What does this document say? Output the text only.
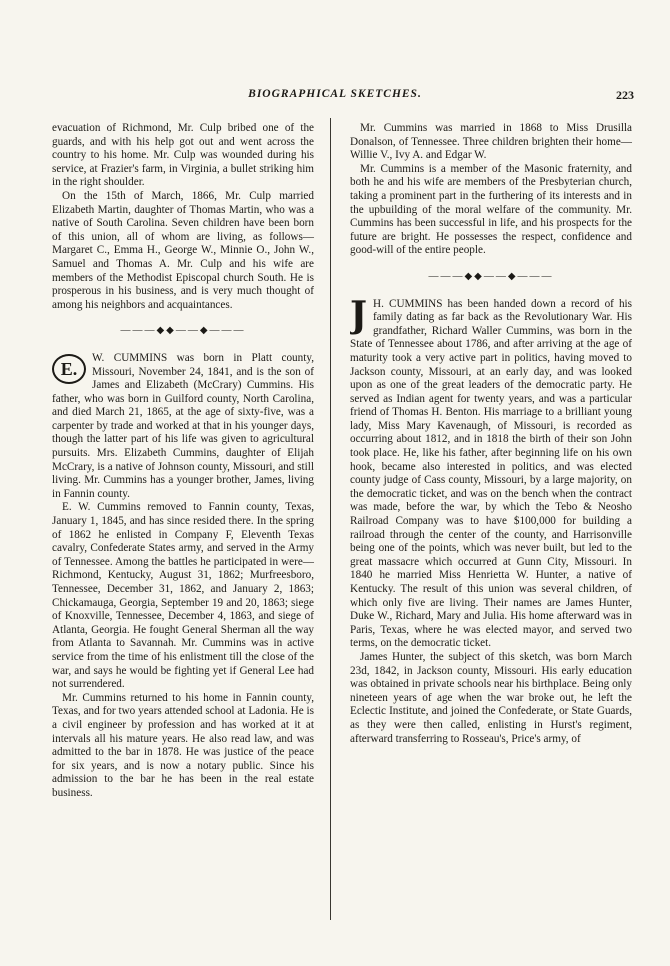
BIOGRAPHICAL SKETCHES.	223

evacuation of Richmond, Mr. Culp bribed one of the guards, and with his help got out and went across the country to his home. Mr. Culp was wounded during his service, at Frazier's farm, in Virginia, a bullet striking him in the right shoulder.

On the 15th of March, 1866, Mr. Culp married Elizabeth Martin, daughter of Thomas Martin, who was a native of South Carolina. Seven children have been born of this union, all of whom are living, as follows—Margaret C., Emma H., George W., Minnie O., John W., Samuel and Thomas A. Mr. Culp and his wife are members of the Methodist Episcopal church South. He is prosperous in his business, and is very much thought of among his neighbors and acquaintances.

———◆◆——◆———
E.

W. CUMMINS was born in Platt county, Missouri, November 24, 1841, and is the son of James and Elizabeth (McCrary) Cummins. His father, who was born in Guilford county, North Carolina, and died March 21, 1865, at the age of sixty-five, was a carpenter by trade and worked at that in his younger days, though the latter part of his life was given to agricultural pursuits. Mrs. Elizabeth Cummins, daughter of Elijah McCrary, is a native of Johnson county, Missouri, and still living. Mr. Cummins has a younger brother, James, living in Fannin county.

E. W. Cummins removed to Fannin county, Texas, January 1, 1845, and has since resided there. In the spring of 1862 he enlisted in Company F, Eleventh Texas cavalry, Confederate States army, and served in the Army of Tennessee. Among the battles he participated in were—Richmond, Kentucky, August 31, 1862; Murfreesboro, Tennessee, December 31, 1862, and January 2, 1863; Chickamauga, Georgia, September 19 and 20, 1863; siege of Knoxville, Tennessee, December 4, 1863, and siege of Atlanta, Georgia. He fought General Sherman all the way from Atlanta to Savannah. Mr. Cummins was in active service from the time of his enlistment till the close of the war, and says he would be fighting yet if General Lee had not surrendered.

Mr. Cummins returned to his home in Fannin county, Texas, and for two years attended school at Ladonia. He is a civil engineer by profession and has worked at it at intervals all his mature years. He also read law, and was admitted to the bar in 1878. He was justice of the peace for six years, and is now a notary public. Since his admission to the bar he has been in the real estate business.

Mr. Cummins was married in 1868 to Miss Drusilla Donalson, of Tennessee. Three children brighten their home—Willie V., Ivy A. and Edgar W.

Mr. Cummins is a member of the Masonic fraternity, and both he and his wife are members of the Presbyterian church, taking a prominent part in the furthering of its interests and in the upbuilding of the moral welfare of the community. Mr. Cummins has been successful in life, and his prospects for the future are bright. He possesses the respect, confidence and good-will of the entire people.

———◆◆——◆———
J H. CUMMINS has been handed down a record of his family dating as far back as the Revolutionary War. His grandfather, Richard Waller Cummins, was born in the State of Tennessee about 1786, and after arriving at the age of maturity took a very active part in politics, having moved to Jackson county, Missouri, at an early day, and was looked upon as one of the great leaders of the democratic party. He served as Indian agent for twenty years, and was a particular friend of Thomas H. Benton. His marriage to a brilliant young lady, Miss Mary Kavenaugh, of Missouri, is recorded as occurring about 1812, and in 1818 the birth of their son John took place. He, like his father, after beginning life on his own hook, became also interested in politics, and was elected county judge of Cass county, Missouri, by a large majority, on the democratic ticket, and was on the bench when the contract was made, before the war, by which the Tebo & Neosho Railroad Company was to have $100,000 for building a railroad through the center of the county, and Harrisonville being one of the points, which was never built, but led to the great massacre which occurred at Gunn City, Missouri. In 1840 he married Miss Henrietta W. Hunter, a native of Kentucky. The result of this union was several children, of which only five are living. Their names are James Hunter, Duke W., Richard, Mary and Julia. His home afterward was in Paris, Texas, where he was elected mayor, and served two terms, on the democratic ticket.

James Hunter, the subject of this sketch, was born March 23d, 1842, in Jackson county, Missouri. His early education was obtained in private schools near his birthplace. Being only nineteen years of age when the war broke out, he left the Eclectic Institute, and joined the Confederate, or State Guards, as they were then called, enlisting in Hurst's regiment, afterward transferring to Rosseau's, Price's army, of
